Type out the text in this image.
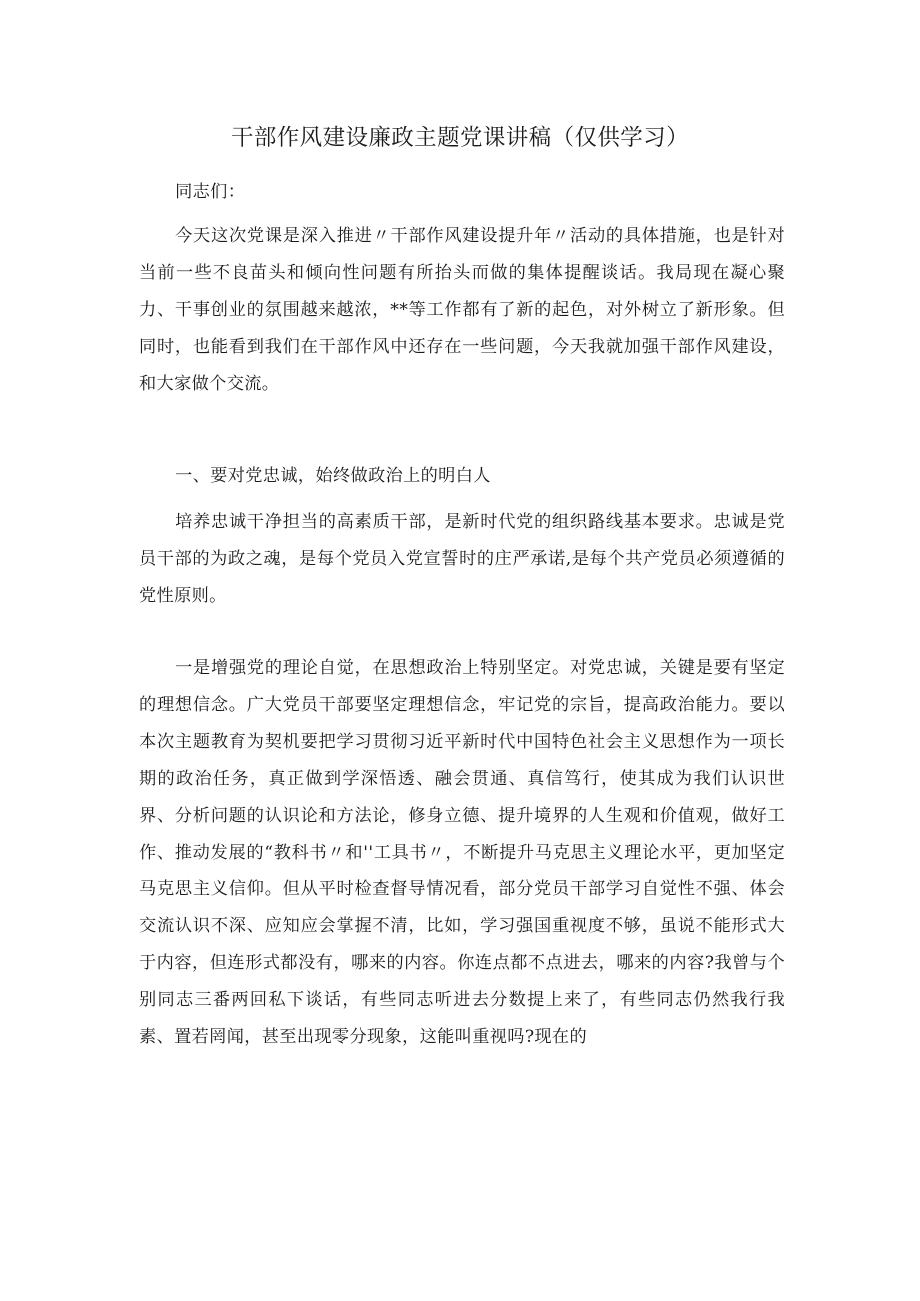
干部作风建设廉政主题党课讲稿（仅供学习）

同志们：

今天这次党课是深入推进〃干部作风建设提升年〃活动的具体措施，也是针对当前一些不良苗头和倾向性问题有所抬头而做的集体提醒谈话。我局现在凝心聚力、干事创业的氛围越来越浓，**等工作都有了新的起色，对外树立了新形象。但同时，也能看到我们在干部作风中还存在一些问题，今天我就加强干部作风建设，和大家做个交流。

一、要对党忠诚，始终做政治上的明白人

培养忠诚干净担当的高素质干部，是新时代党的组织路线基本要求。忠诚是党员干部的为政之魂，是每个党员入党宣誓时的庄严承诺,是每个共产党员必须遵循的党性原则。

一是增强党的理论自觉，在思想政治上特别坚定。对党忠诚，关键是要有坚定的理想信念。广大党员干部要坚定理想信念，牢记党的宗旨，提高政治能力。要以本次主题教育为契机要把学习贯彻习近平新时代中国特色社会主义思想作为一项长期的政治任务，真正做到学深悟透、融会贯通、真信笃行，使其成为我们认识世界、分析问题的认识论和方法论，修身立德、提升境界的人生观和价值观，做好工作、推动发展的“教科书〃和''工具书〃，不断提升马克思主义理论水平，更加坚定马克思主义信仰。但从平时检查督导情况看，部分党员干部学习自觉性不强、体会交流认识不深、应知应会掌握不清，比如，学习强国重视度不够，虽说不能形式大于内容，但连形式都没有，哪来的内容。你连点都不点进去，哪来的内容?我曾与个别同志三番两回私下谈话，有些同志听进去分数提上来了，有些同志仍然我行我素、置若罔闻，甚至出现零分现象，这能叫重视吗?现在的
